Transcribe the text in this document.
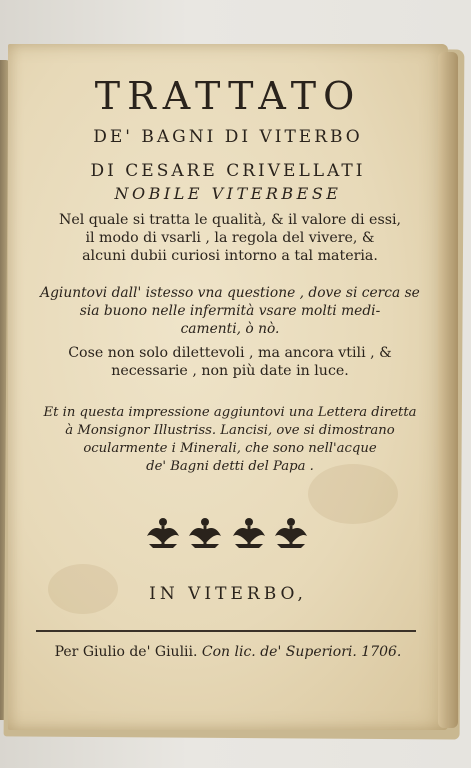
TRATTATO
DE' BAGNI DI VITERBO
DI CESARE CRIVELLATI
NOBILE VITERBESE
Nel quale si tratta le qualità, & il valore di essi,
il modo di vsarli , la regola del vivere, &
alcuni dubii curiosi intorno a tal materia.
Agiuntovi dall' istesso vna questione , dove si cerca se
sia buono nelle infermità vsare molti medi-
camenti, ò nò.
Cose non solo dilettevoli , ma ancora vtili , &
necessarie , non più date in luce.
Et in questa impressione aggiuntovi una Lettera diretta
à Monsignor Illustriss. Lancisi, ove si dimostrano
ocularmente i Minerali, che sono nell'acque
de' Bagni detti del Papa .
IN VITERBO,
Per Giulio de' Giulii. Con lic. de' Superiori. 1706.
